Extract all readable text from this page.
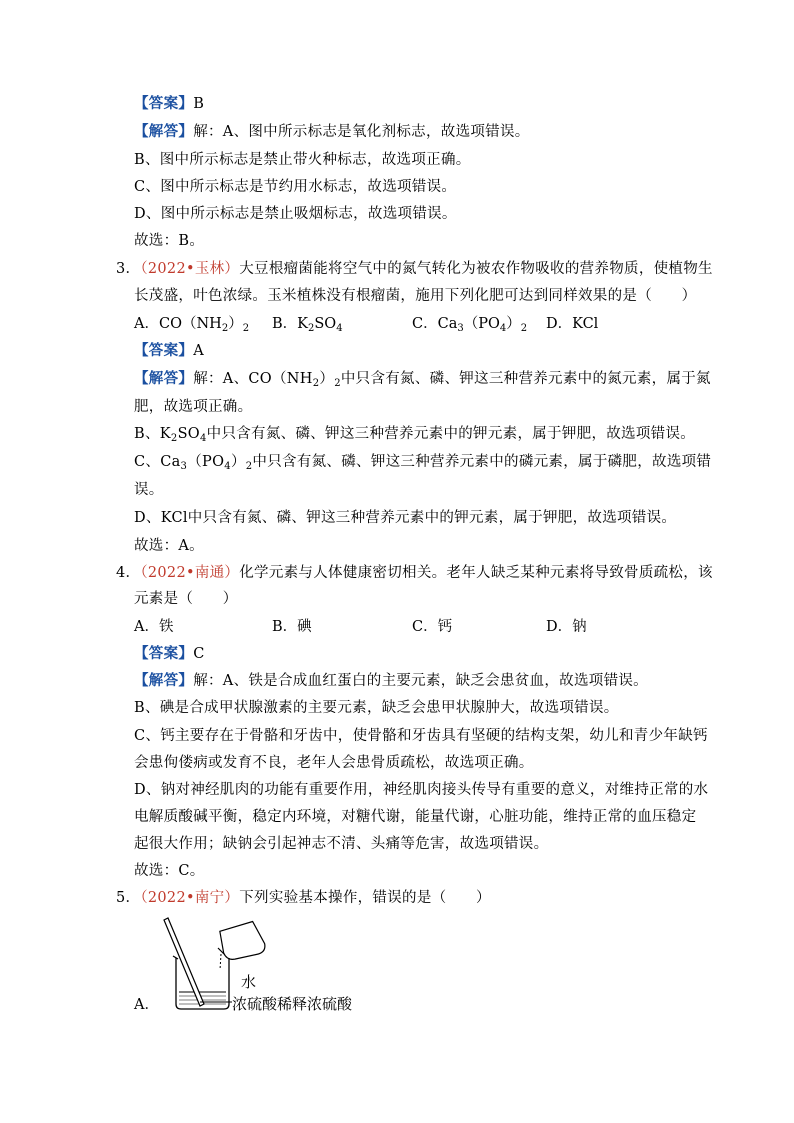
【答案】B
【解答】解：A、图中所示标志是氧化剂标志，故选项错误。
B、图中所示标志是禁止带火种标志，故选项正确。
C、图中所示标志是节约用水标志，故选项错误。
D、图中所示标志是禁止吸烟标志，故选项错误。
故选：B。
3．（2022•玉林）大豆根瘤菌能将空气中的氮气转化为被农作物吸收的营养物质，使植物生
长茂盛，叶色浓绿。玉米植株没有根瘤菌，施用下列化肥可达到同样效果的是（　　）
A．$CO(NH_2)_2$ B．$K_2SO_4$	C．$Ca_3(PO_4)_2$ D．KCl
【答案】A
【解答】解：A、$CO(NH_2)_2$中只含有氮、磷、钾这三种营养元素中的氮元素，属于氮
肥，故选项正确。
B、$K_2SO_4$中只含有氮、磷、钾这三种营养元素中的钾元素，属于钾肥，故选项错误。
C、$Ca_3(PO_4)_2$中只含有氮、磷、钾这三种营养元素中的磷元素，属于磷肥，故选项错
误。
D、KCl中只含有氮、磷、钾这三种营养元素中的钾元素，属于钾肥，故选项错误。
故选：A。
4．（2022•南通）化学元素与人体健康密切相关。老年人缺乏某种元素将导致骨质疏松，该
元素是（　　）
A．铁	B．碘	C．钙	D．钠
【答案】C
【解答】解：A、铁是合成血红蛋白的主要元素，缺乏会患贫血，故选项错误。
B、碘是合成甲状腺激素的主要元素，缺乏会患甲状腺肿大，故选项错误。
C、钙主要存在于骨骼和牙齿中，使骨骼和牙齿具有坚硬的结构支架，幼儿和青少年缺钙
会患佝偻病或发育不良，老年人会患骨质疏松，故选项正确。
D、钠对神经肌肉的功能有重要作用，神经肌肉接头传导有重要的意义，对维持正常的水
电解质酸碱平衡，稳定内环境，对糖代谢，能量代谢，心脏功能，维持正常的血压稳定
起很大作用；缺钠会引起神志不清、头痛等危害，故选项错误。
故选：C。
5．（2022•南宁）下列实验基本操作，错误的是（　　）
A．
水
浓硫酸稀释浓硫酸
